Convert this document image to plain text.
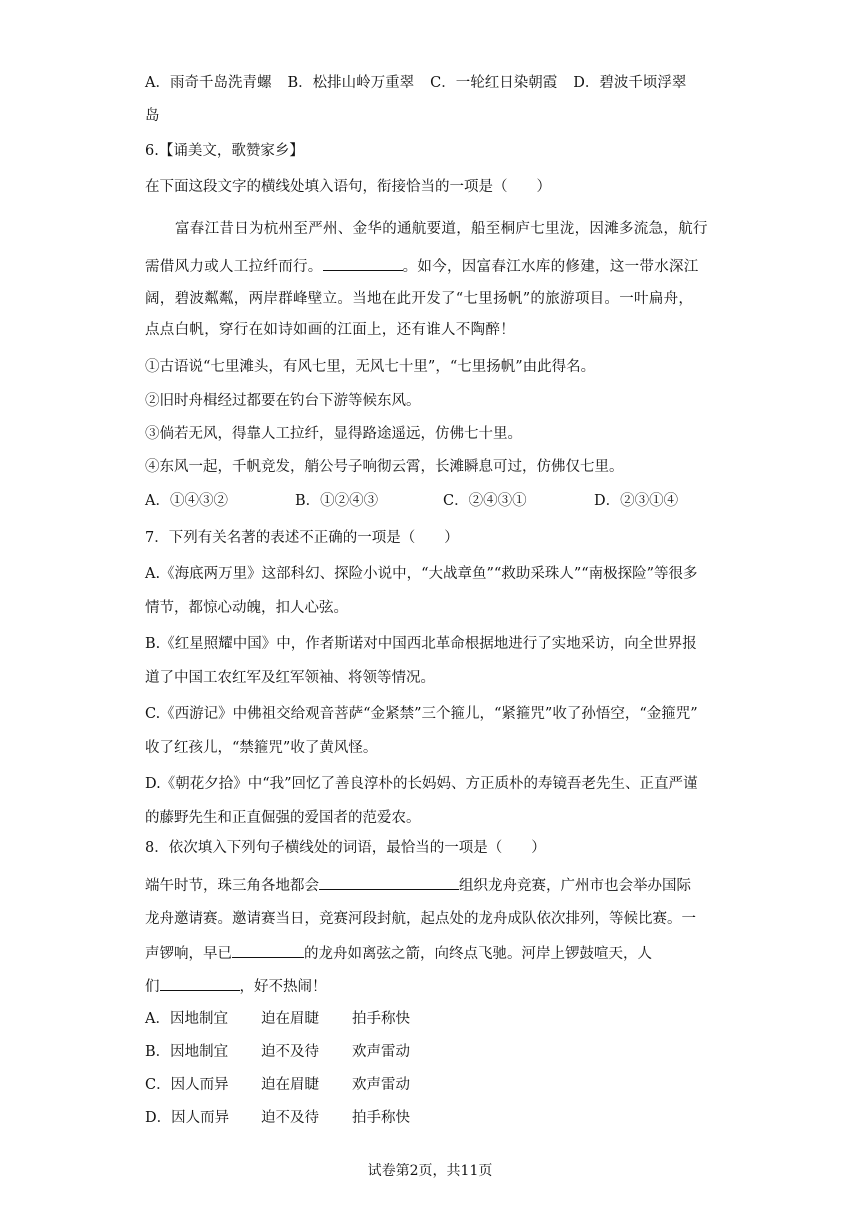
A．雨奇千岛洗青螺 B．松排山岭万重翠 C．一轮红日染朝霞 D．碧波千顷浮翠
岛
6.【诵美文，歌赞家乡】
在下面这段文字的横线处填入语句，衔接恰当的一项是（　　）
富春江昔日为杭州至严州、金华的通航要道，船至桐庐七里泷，因滩多流急，航行
需借风力或人工拉纤而行。	。如今，因富春江水库的修建，这一带水深江
阔，碧波粼粼，两岸群峰壁立。当地在此开发了“七里扬帆”的旅游项目。一叶扁舟，
点点白帆，穿行在如诗如画的江面上，还有谁人不陶醉！
①古语说“七里滩头，有风七里，无风七十里”，“七里扬帆”由此得名。
②旧时舟楫经过都要在钓台下游等候东风。
③倘若无风，得靠人工拉纤，显得路途遥远，仿佛七十里。
④东风一起，千帆竞发，艄公号子响彻云霄，长滩瞬息可过，仿佛仅七里。
A．①④③②	B．①②④③	C．②④③①	D．②③①④
7．下列有关名著的表述不正确的一项是（　　）
A.《海底两万里》这部科幻、探险小说中，“大战章鱼”“救助采珠人”“南极探险”等很多
情节，都惊心动魄，扣人心弦。
B.《红星照耀中国》中，作者斯诺对中国西北革命根据地进行了实地采访，向全世界报
道了中国工农红军及红军领袖、将领等情况。
C.《西游记》中佛祖交给观音菩萨“金紧禁”三个箍儿，“紧箍咒”收了孙悟空，“金箍咒”
收了红孩儿，“禁箍咒”收了黄风怪。
D.《朝花夕拾》中“我”回忆了善良淳朴的长妈妈、方正质朴的寿镜吾老先生、正直严谨
的藤野先生和正直倔强的爱国者的范爱农。
8．依次填入下列句子横线处的词语，最恰当的一项是（　　）
端午时节，珠三角各地都会	组织龙舟竞赛，广州市也会举办国际
龙舟邀请赛。邀请赛当日，竞赛河段封航，起点处的龙舟成队依次排列，等候比赛。一
声锣响，早已	的龙舟如离弦之箭，向终点飞驰。河岸上锣鼓喧天，人
们	，好不热闹！
A．因地制宜 迫在眉睫 拍手称快
B．因地制宜 迫不及待 欢声雷动
C．因人而异 迫在眉睫 欢声雷动
D．因人而异 迫不及待 拍手称快
试卷第2页，共11页
